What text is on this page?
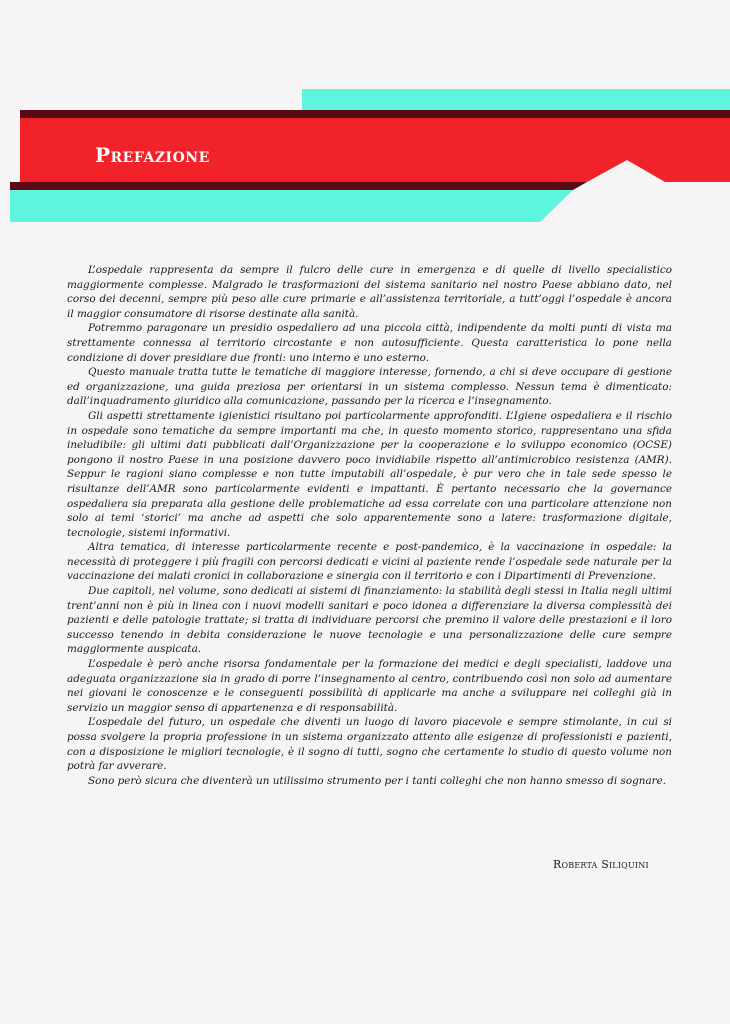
Prefazione

L’ospedale rappresenta da sempre il fulcro delle cure in emergenza e di quelle di livello specialistico maggiormente complesse. Malgrado le trasformazioni del sistema sanitario nel nostro Paese abbiano dato, nel corso dei decenni, sempre più peso alle cure primarie e all’assistenza territoriale, a tutt’oggi l’ospedale è ancora il maggior consumatore di risorse destinate alla sanità.

Potremmo paragonare un presidio ospedaliero ad una piccola città, indipendente da molti punti di vista ma strettamente connessa al territorio circostante e non autosufficiente. Questa caratteristica lo pone nella condizione di dover presidiare due fronti: uno interno e uno esterno.

Questo manuale tratta tutte le tematiche di maggiore interesse, fornendo, a chi si deve occupare di gestione ed organizzazione, una guida preziosa per orientarsi in un sistema complesso. Nessun tema è dimenticato: dall’inquadramento giuridico alla comunicazione, passando per la ricerca e l’insegnamento.

Gli aspetti strettamente igienistici risultano poi particolarmente approfonditi. L’Igiene ospedaliera e il rischio in ospedale sono tematiche da sempre importanti ma che, in questo momento storico, rappresentano una sfida ineludibile: gli ultimi dati pubblicati dall’Organizzazione per la cooperazione e lo sviluppo economico (OCSE) pongono il nostro Paese in una posizione davvero poco invidiabile rispetto all’antimicrobico resistenza (AMR). Seppur le ragioni siano complesse e non tutte imputabili all’ospedale, è pur vero che in tale sede spesso le risultanze dell’AMR sono particolarmente evidenti e impattanti. È pertanto necessario che la governance ospedaliera sia preparata alla gestione delle problematiche ad essa correlate con una particolare attenzione non solo ai temi ‘storici’ ma anche ad aspetti che solo apparentemente sono a latere: trasformazione digitale, tecnologie, sistemi informativi.

Altra tematica, di interesse particolarmente recente e post-pandemico, è la vaccinazione in ospedale: la necessità di proteggere i più fragili con percorsi dedicati e vicini al paziente rende l’ospedale sede naturale per la vaccinazione dei malati cronici in collaborazione e sinergia con il territorio e con i Dipartimenti di Prevenzione.

Due capitoli, nel volume, sono dedicati ai sistemi di finanziamento: la stabilità degli stessi in Italia negli ultimi trent’anni non è più in linea con i nuovi modelli sanitari e poco idonea a differenziare la diversa complessità dei pazienti e delle patologie trattate; si tratta di individuare percorsi che premino il valore delle prestazioni e il loro successo tenendo in debita considerazione le nuove tecnologie e una personalizzazione delle cure sempre maggiormente auspicata.

L’ospedale è però anche risorsa fondamentale per la formazione dei medici e degli specialisti, laddove una adeguata organizzazione sia in grado di porre l’insegnamento al centro, contribuendo così non solo ad aumentare nei giovani le conoscenze e le conseguenti possibilità di applicarle ma anche a sviluppare nei colleghi già in servizio un maggior senso di appartenenza e di responsabilità.

L’ospedale del futuro, un ospedale che diventi un luogo di lavoro piacevole e sempre stimolante, in cui si possa svolgere la propria professione in un sistema organizzato attento alle esigenze di professionisti e pazienti, con a disposizione le migliori tecnologie, è il sogno di tutti, sogno che certamente lo studio di questo volume non potrà far avverare.

Sono però sicura che diventerà un utilissimo strumento per i tanti colleghi che non hanno smesso di sognare.

Roberta Siliquini
